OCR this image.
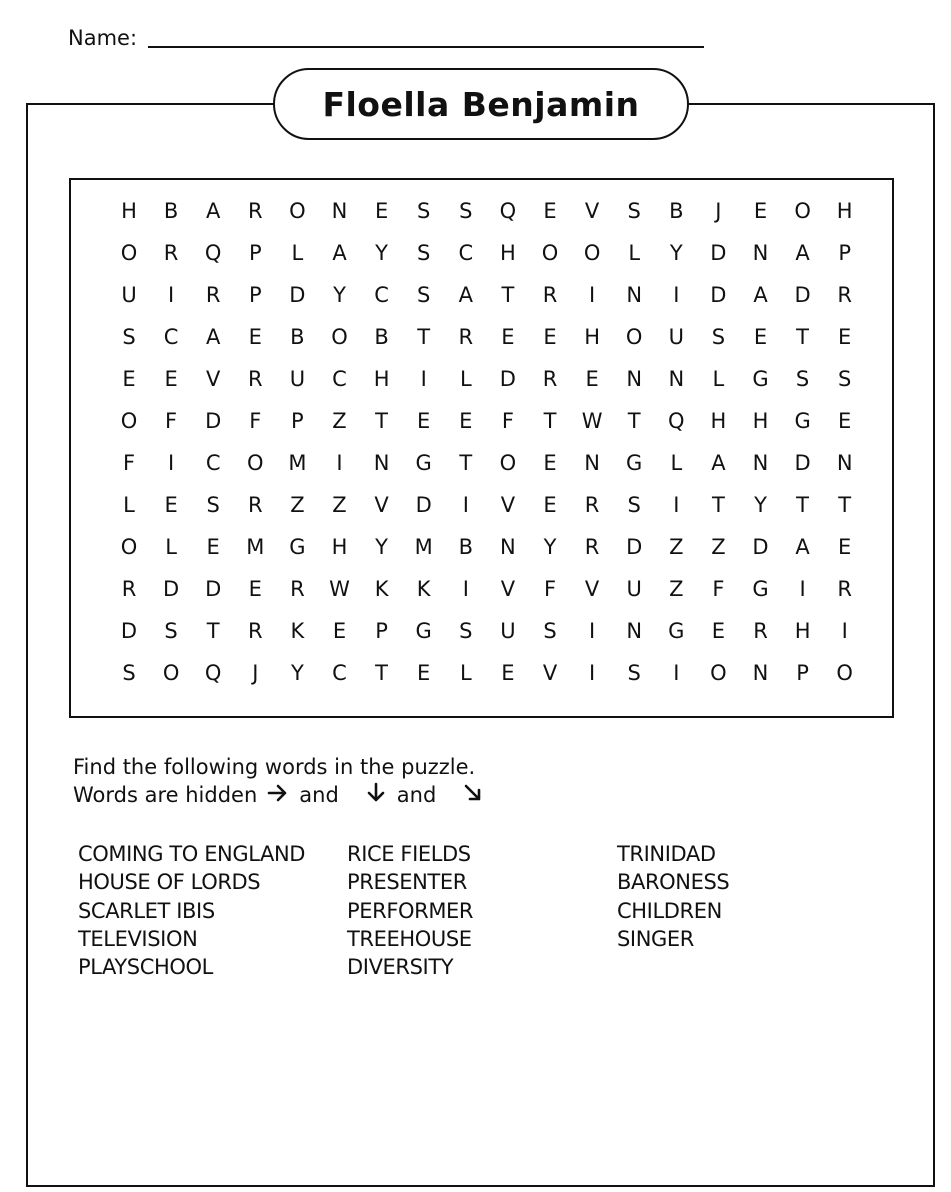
Name:
Floella Benjamin
H	B	A	R	O	N	E	S	S	Q	E	V	S	B	J	E	O	H
O	R	Q	P	L	A	Y	S	C	H	O	O	L	Y	D	N	A	P
U	I	R	P	D	Y	C	S	A	T	R	I	N	I	D	A	D	R
S	C	A	E	B	O	B	T	R	E	E	H	O	U	S	E	T	E
E	E	V	R	U	C	H	I	L	D	R	E	N	N	L	G	S	S
O	F	D	F	P	Z	T	E	E	F	T	W	T	Q	H	H	G	E
F	I	C	O	M	I	N	G	T	O	E	N	G	L	A	N	D	N
L	E	S	R	Z	Z	V	D	I	V	E	R	S	I	T	Y	T	T
O	L	E	M	G	H	Y	M	B	N	Y	R	D	Z	Z	D	A	E
R	D	D	E	R	W	K	K	I	V	F	V	U	Z	F	G	I	R
D	S	T	R	K	E	P	G	S	U	S	I	N	G	E	R	H	I
S	O	Q	J	Y	C	T	E	L	E	V	I	S	I	O	N	P	O
Find the following words in the puzzle.
Words are hidden and	and
COMING TO ENGLAND
HOUSE OF LORDS
SCARLET IBIS
TELEVISION
PLAYSCHOOL
RICE FIELDS
PRESENTER
PERFORMER
TREEHOUSE
DIVERSITY
TRINIDAD
BARONESS
CHILDREN
SINGER
